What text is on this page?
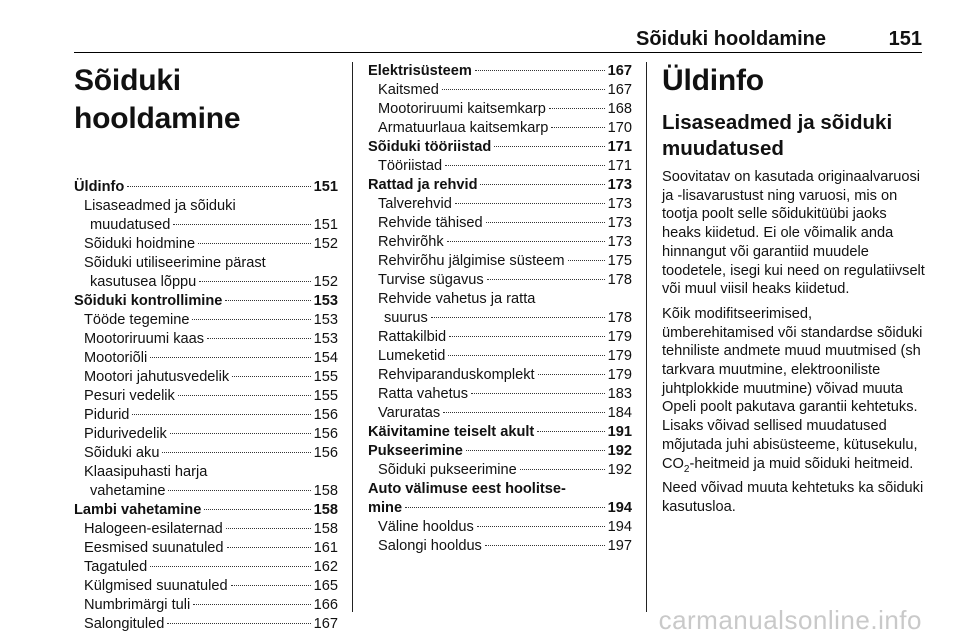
Sõiduki hooldamine	151
Sõiduki hooldamine
Üldinfo	151
Lisaseadmed ja sõiduki
muudatused	151
Sõiduki hoidmine	152
Sõiduki utiliseerimine pärast
kasutusea lõppu	152
Sõiduki kontrollimine	153
Tööde tegemine	153
Mootoriruumi kaas	153
Mootoriõli	154
Mootori jahutusvedelik	155
Pesuri vedelik	155
Pidurid	156
Pidurivedelik	156
Sõiduki aku	156
Klaasipuhasti harja
vahetamine	158
Lambi vahetamine	158
Halogeen-esilaternad	158
Eesmised suunatuled	161
Tagatuled	162
Külgmised suunatuled	165
Numbrimärgi tuli	166
Salongituled	167
Elektrisüsteem	167
Kaitsmed	167
Mootoriruumi kaitsemkarp	168
Armatuurlaua kaitsemkarp	170
Sõiduki tööriistad	171
Tööriistad	171
Rattad ja rehvid	173
Talverehvid	173
Rehvide tähised	173
Rehvirõhk	173
Rehvirõhu jälgimise süsteem	175
Turvise sügavus	178
Rehvide vahetus ja ratta
suurus	178
Rattakilbid	179
Lumeketid	179
Rehviparanduskomplekt	179
Ratta vahetus	183
Varuratas	184
Käivitamine teiselt akult	191
Pukseerimine	192
Sõiduki pukseerimine	192
Auto välimuse eest hoolitse-
mine	194
Väline hooldus	194
Salongi hooldus	197
Üldinfo
Lisaseadmed ja sõiduki muudatused

Soovitatav on kasutada originaalvaruosi ja -lisavarustust ning varuosi, mis on tootja poolt selle sõidukitüübi jaoks heaks kiidetud. Ei ole võimalik anda hinnangut või garantiid muudele toodetele, isegi kui need on regulatiivselt või muul viisil heaks kiidetud.

Kõik modifitseerimised, ümberehitamised või standardse sõiduki tehniliste andmete muud muutmised (sh tarkvara muutmine, elektrooniliste juhtplokkide muutmine) võivad muuta Opeli poolt pakutava garantii kehtetuks. Lisaks võivad sellised muudatused mõjutada juhi abisüsteeme, kütusekulu, $CO_2$-heitmeid ja muid sõiduki heitmeid. Need võivad muuta kehtetuks ka sõiduki kasutusloa.

carmanualsonline.info
